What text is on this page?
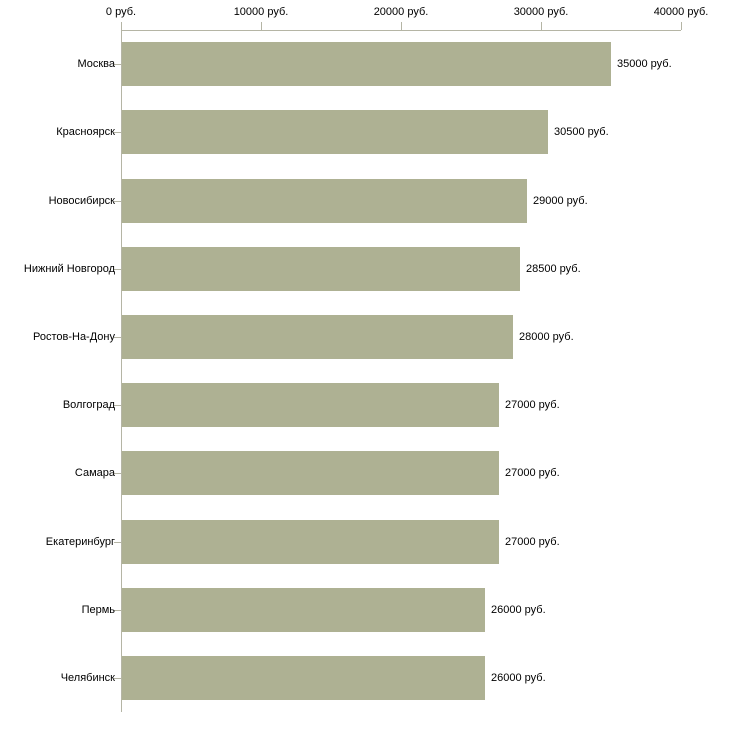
0 руб.	10000 руб.	20000 руб.	30000 руб.	40000 руб.
Москва	35000 руб.
Красноярск	30500 руб.
Новосибирск	29000 руб.
Нижний Новгород	28500 руб.
Ростов-На-Дону	28000 руб.
Волгоград	27000 руб.
Самара	27000 руб.
Екатеринбург	27000 руб.
Пермь	26000 руб.
Челябинск	26000 руб.
